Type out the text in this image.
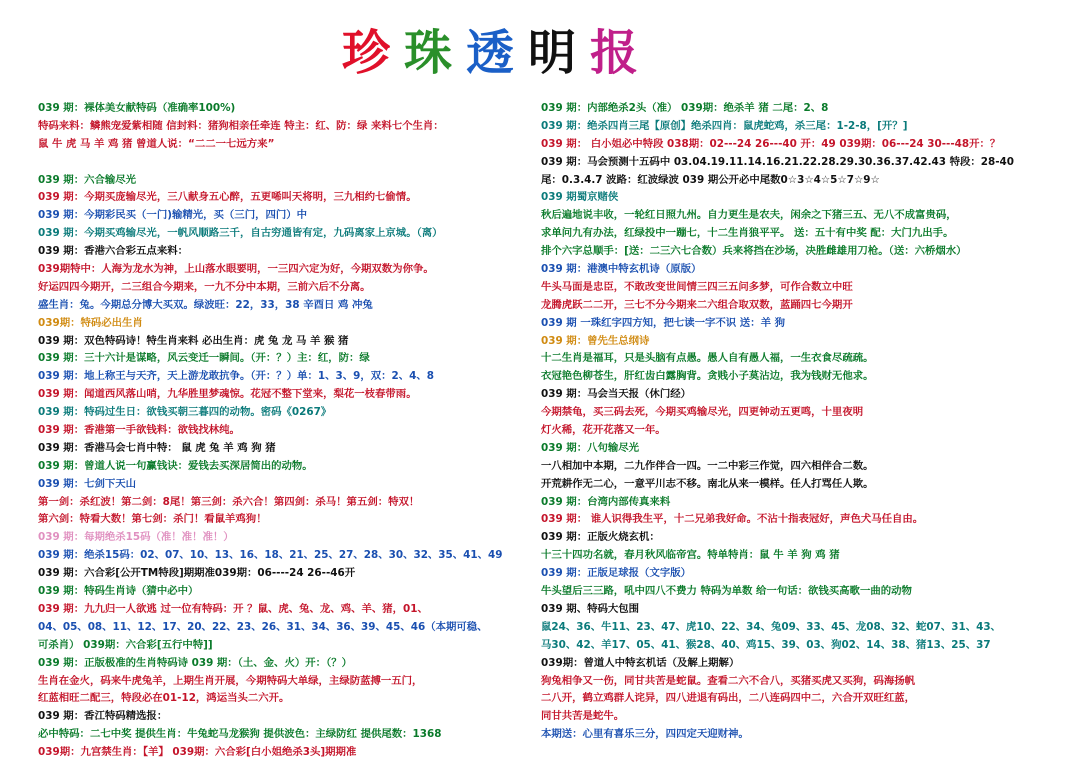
珍 珠 透 明 报
039 期：裸体美女献特码（准确率100%)
特码来料：鳞熊宠爱紫相随 信封料：猪狗相亲任牵连 特主：红、防：绿 来料七个生肖：
鼠 牛 虎 马 羊 鸡 猪 曾道人说：“二二一七远方来”
039 期：六合输尽光
039 期：今期买庞输尽光，三八献身五心醉，五更唏叫天将明，三九相约七偷情。
039 期：今期彩民买（一门)输精光，买（三门，四门）中
039 期：今期买鸡输尽光，一帆风顺路三千，自古穷通皆有定，九码离家上京城。（离）
039 期：香港六合彩五点来料：
039期特中：人海为龙水为神，上山落水眼要明，一三四六定为好，今期双数为你争。
好运四四今期开，二三组合今期来，一九不分中本期，三前六后不分离。
盛生肖：兔。今期总分博大买双。绿波旺：22，33，38 辛酉日 鸡 冲兔
039期：特码必出生肖
039 期：双色特码诗！特生肖来料 必出生肖：虎 兔 龙 马 羊 猴 猪
039 期：三十六计是谋略，风云变迁一瞬间。（开：？）主：红，防：绿
039 期：地上称王与天齐，天上游龙敢抗争。（开：？）单：1、3、9，双：2、4、8
039 期：闻道西风落山哨，九华胜里梦魂惊。花冠不整下堂来，梨花一枝春带雨。
039 期：特码过生日：欲钱买朝三暮四的动物。密码《0267》
039 期：香港第一手欲钱料：欲钱找林纯。
039 期：香港马会七肖中特： 鼠 虎 兔 羊 鸡 狗 猪
039 期：曾道人说一句赢钱诀：爱钱去买深居简出的动物。
039 期：七剑下天山
第一剑：杀红波！第二剑：8尾！第三剑：杀六合！第四剑：杀马！第五剑：特双！
第六剑：特看大数！第七剑：杀门！看鼠羊鸡狗！
039 期：每期绝杀15码（准！准！准！）
039 期：绝杀15码：02、07、10、13、16、18、21、25、27、28、30、32、35、41、49
039 期：六合彩[公开TM特段]期期准039期：06----24 26--46开
039 期：特码生肖诗（猜中必中）
039 期：九九归一人欲逃 过一位有特码：开 ？鼠、虎、兔、龙、鸡、羊、猪，01、
04、05、08、11、12、17、20、22、23、26、31、34、36、39、45、46（本期可稳、
可杀肖） 039期：六合彩[五行中特]]
039 期：正版极准的生肖特码诗 039 期：（土、金、火）开：（？）
生肖在金火，码来牛虎兔羊，上期生肖开展，今期特码大单绿，主绿防蓝搏一五门，
红蓝相旺二配三，特段必在01-12，鸿运当头二六开。
039 期：香江特码精选报：
必中特码：二七中奖 提供生肖：牛兔蛇马龙猴狗 提供波色：主绿防红 提供尾数：1368
039期：九宫禁生肖：【羊】 039期：六合彩[白小姐绝杀3头]期期准
039 期：内部绝杀2头（准） 039期：绝杀羊 猪 二尾：2、8
039 期：绝杀四肖三尾【原创】绝杀四肖：鼠虎蛇鸡，杀三尾：1-2-8，[开？]
039 期： 白小姐必中特段 038期：02---24 26---40 开：49 039期：06---24 30---48开：？
039 期：马会预测十五码中 03.04.19.11.14.16.21.22.28.29.30.36.37.42.43 特段：28-40
尾：0.3.4.7 波路：红波绿波 039 期公开必中尾数0☆3☆4☆5☆7☆9☆
039 期蜀京赌侠
秋后遍地说丰收，一轮红日照九州。自力更生是农夫，闲余之下猪三五、无八不成富贵码，
求单问九有办法，红绿投中一蹦七，十二生肖狼平平。 送：五十有中奖 配：大门九出手。
排个六字总顺手：[送：二三六七合数）兵来将挡在沙场，决胜雌雄用刀枪。（送：六桥烟水）
039 期：港澳中特玄机诗（原版）
牛头马面是忠臣，不敢改变世间情三四三五问多梦，可作合数立中旺
龙腾虎跃二二开，三七不分今期来二六组合取双数，蓝踊四七今期开
039 期 一珠红字四方知，把七读一字不识 送：羊 狗
039 期：曾先生总纲诗
十二生肖是福耳，只是头脑有点愚。愚人自有愚人福，一生衣食尽疏疏。
衣冠艳色柳苍生，肝红齿白露胸背。贪贱小子莫沾边，我为钱财无他求。
039 期：马会当天报（休门经）
今期禁龟，买三码去死，今期买鸡输尽光，四更钟动五更鸣，十里夜明
灯火稀，花开花落又一年。
039 期：八句输尽光
一八相加中本期，二九作伴合一四。一二中彩三作觉，四六相伴合二数。
开荒耕作无二心，一意平川志不移。南北从来一模样。任人打骂任人欺。
039 期：台湾内部传真来料
039 期： 谁人识得我生平，十二兄弟我好命。不沾十指表冠好，声色犬马任自由。
039 期：正版火烧玄机：
十三十四功名就，春月秋风临帝宫。特单特肖：鼠 牛 羊 狗 鸡 猪
039 期：正版足球报（文字版）
牛头望后三三路，吼中四八不费力 特码为单数 给一句话：欲钱买高歌一曲的动物
039 期、特码大包围
鼠24、36、牛11、23、47、虎10、22、34、兔09、33、45、龙08、32、蛇07、31、43、
马30、42、羊17、05、41、猴28、40、鸡15、39、03、狗02、14、38、猪13、25、37
039期：曾道人中特玄机话（及解上期解）
狗兔相争又一伤，同甘共苦是蛇鼠。查看二六不合八，买猪买虎又买狗，码海扬帆
二八开，鹤立鸡群人诧异，四八进退有码出，二八连码四中二，六合开双旺红蓝，
同甘共苦是蛇牛。
本期送：心里有喜乐三分，四四定天迎财神。
